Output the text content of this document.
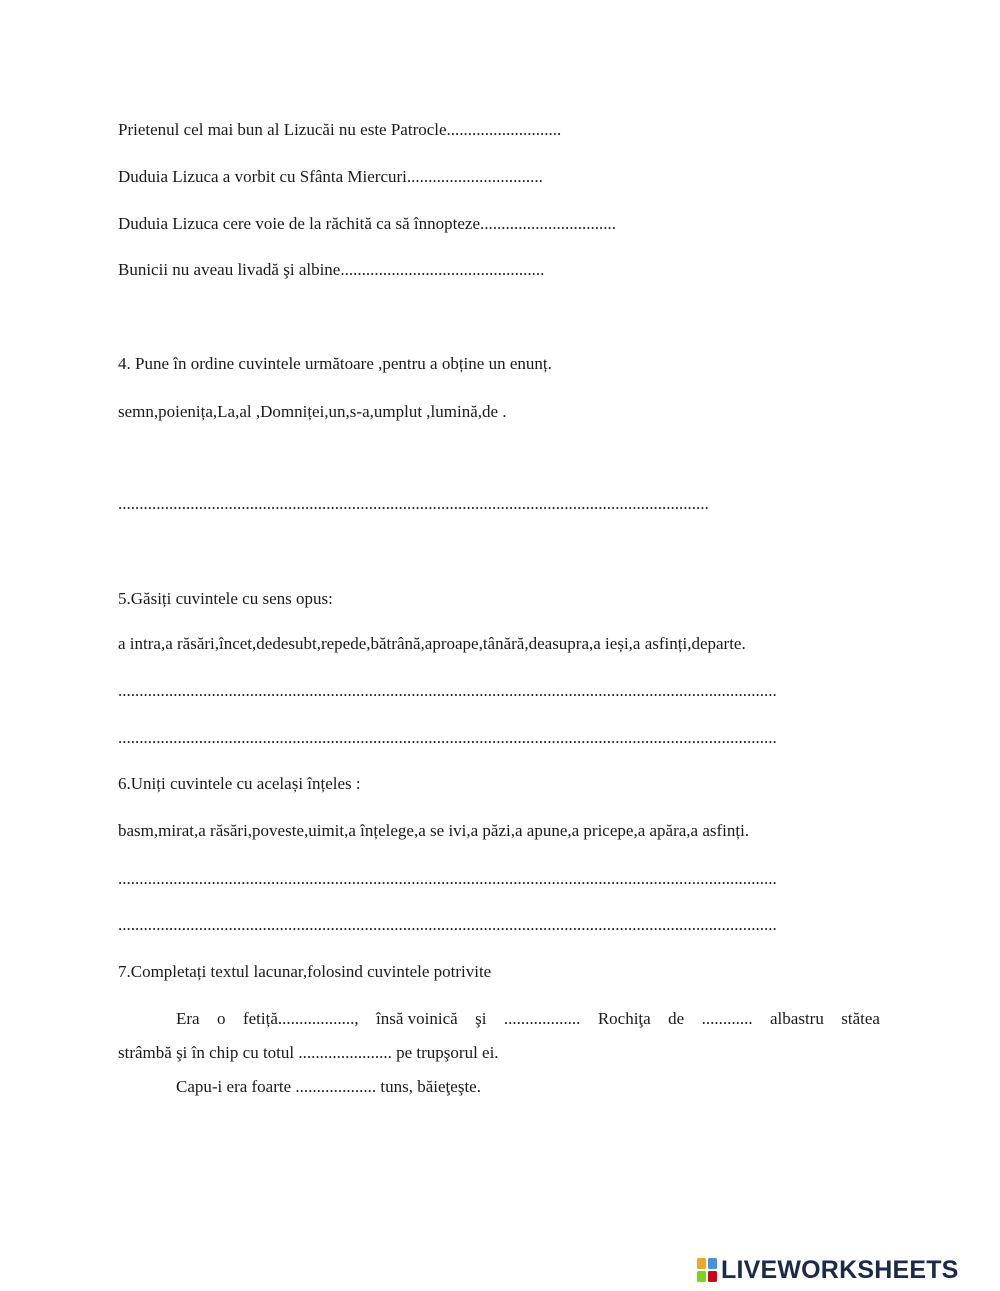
Prietenul cel mai bun al Lizucăi nu este Patrocle...........................

Duduia Lizuca a vorbit cu Sfânta Miercuri................................

Duduia Lizuca cere voie de la răchită ca să înnopteze................................

Bunicii nu aveau livadă şi albine................................................

4. Pune în ordine cuvintele următoare ,pentru a obține un enunț.

semn,poienița,La,al ,Domniței,un,s-a,umplut ,lumină,de .

...........................................................................................................................................

5.Găsiți cuvintele cu sens opus:

a intra,a răsări,încet,dedesubt,repede,bătrână,aproape,tânără,deasupra,a ieși,a asfinți,departe.

...........................................................................................................................................................

...........................................................................................................................................................

6.Uniți cuvintele cu același înțeles :

basm,mirat,a răsări,poveste,uimit,a înțelege,a se ivi,a păzi,a apune,a pricepe,a apăra,a asfinți.

...........................................................................................................................................................

...........................................................................................................................................................

7.Completați textul lacunar,folosind cuvintele potrivite

Era o fetiță.................., însă voinică şi .................. Rochiţa de ............ albastru stătea

strâmbă şi în chip cu totul ...................... pe trupşorul ei.

Capu-i era foarte ................... tuns, băieţeşte.

LIVEWORKSHEETS
